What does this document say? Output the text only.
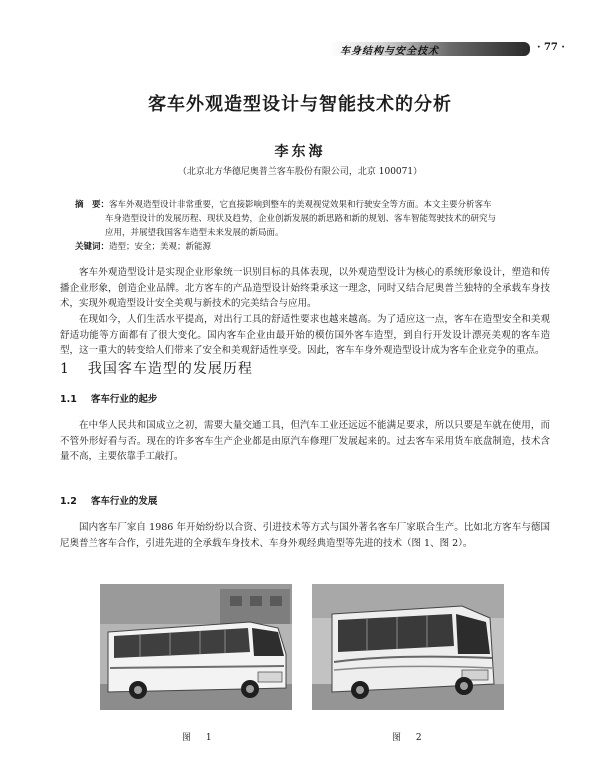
车身结构与安全技术	· 77 ·
客车外观造型设计与智能技术的分析
李东海
（北京北方华德尼奥普兰客车股份有限公司，北京 100071）
摘　要：客车外观造型设计非常重要，它直接影响到整车的美观视觉效果和行驶安全等方面。本文主要分析客车
车身造型设计的发展历程、现状及趋势，企业创新发展的新思路和新的规划、客车智能驾驶技术的研究与
应用，并展望我国客车造型未来发展的新局面。
关键词：造型；安全；美观；新能源
客车外观造型设计是实现企业形象统一识别目标的具体表现，以外观造型设计为核心的系统形象设计，塑造和传播企业形象，创造企业品牌。北方客车的产品造型设计始终秉承这一理念，同时又结合尼奥普兰独特的全承载车身技术，实现外观造型设计安全美观与新技术的完美结合与应用。
在现如今，人们生活水平提高，对出行工具的舒适性要求也越来越高。为了适应这一点，客车在造型安全和美观舒适功能等方面都有了很大变化。国内客车企业由最开始的模仿国外客车造型，到自行开发设计漂亮美观的客车造型，这一重大的转变给人们带来了安全和美观舒适性享受。因此，客车车身外观造型设计成为客车企业竞争的重点。
1 我国客车造型的发展历程
1.1 客车行业的起步
在中华人民共和国成立之初，需要大量交通工具，但汽车工业还远远不能满足要求，所以只要是车就在使用，而不管外形好看与否。现在的许多客车生产企业都是由原汽车修理厂发展起来的。过去客车采用货车底盘制造，技术含量不高，主要依靠手工敲打。
1.2 客车行业的发展
国内客车厂家自 1986 年开始纷纷以合资、引进技术等方式与国外著名客车厂家联合生产。比如北方客车与德国尼奥普兰客车合作，引进先进的全承载车身技术、车身外观经典造型等先进的技术（图 1、图 2）。
图 1	图 2
